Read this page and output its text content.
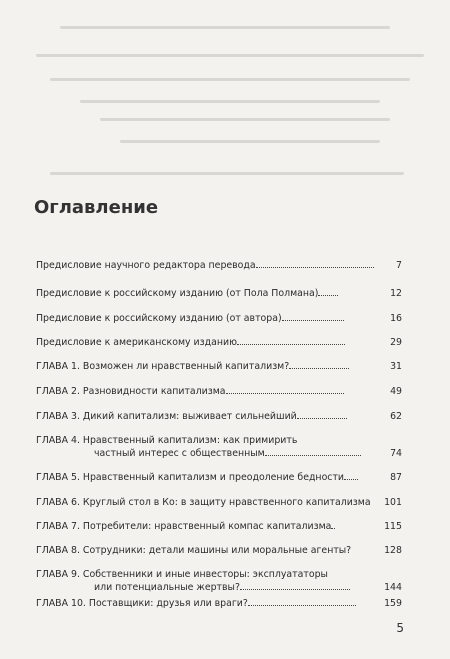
Оглавление
Предисловие научного редактора перевода	7
Предисловие к российскому изданию (от Пола Полмана)	12
Предисловие к российскому изданию (от автора)	16
Предисловие к американскому изданию	29
ГЛАВА 1. Возможен ли нравственный капитализм?	31
ГЛАВА 2. Разновидности капитализма	49
ГЛАВА 3. Дикий капитализм: выживает сильнейший	62
ГЛАВА 4. Нравственный капитализм: как примирить
частный интерес с общественным	74
ГЛАВА 5. Нравственный капитализм и преодоление бедности	87
ГЛАВА 6. Круглый стол в Ко: в защиту нравственного капитализма 101
ГЛАВА 7. Потребители: нравственный компас капитализма	115
ГЛАВА 8. Сотрудники: детали машины или моральные агенты?	128
ГЛАВА 9. Собственники и иные инвесторы: эксплуататоры
или потенциальные жертвы?	144
ГЛАВА 10. Поставщики: друзья или враги?	159
5
